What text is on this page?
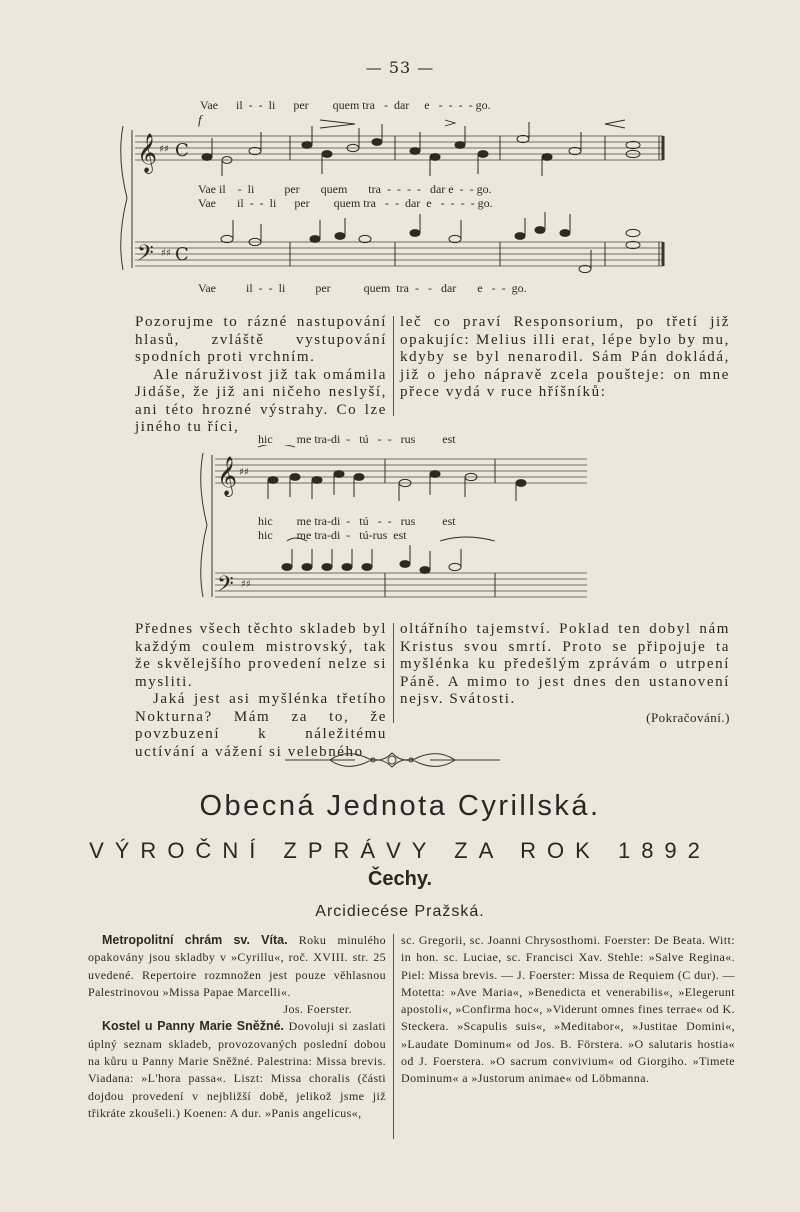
— 53 —
Vae      il  -  -  li      per        quem tra   -  dar     e   -  -  -  - go.
f
Vae il    -  li          per       quem       tra  -  -  -  -   dar e  -  - go.
Vae       il  -  -  li      per        quem tra   -  -  dar  e   -  -  -  - go.
Vae          il  -  -  li          per           quem  tra  -   -   dar       e   -  -  go.
𝄞
𝄢
♯♯
♯♯
C
C

Pozorujme to rázné nastupování hlasů, zvláště vystupování spodních proti vrchním.

Ale náruživost již tak omámila Jidáše, že již ani ničeho neslyší, ani této hrozné výstrahy. Co lze jiného tu říci,

leč co praví Responsorium, po třetí již opakujíc: Melius illi erat, lépe bylo by mu, kdyby se byl nenarodil. Sám Pán dokládá, již o jeho nápravě zcela poušteje: on mne přece vydá v ruce hříšníků:

hic        me tra-di  -   tú   -  -   rus         est
hic        me tra-di  -   tú   -  -   rus         est
hic        me tra-di  -   tú-rus  est
𝄞
𝄢
♯♯
♯♯

Přednes všech těchto skladeb byl každým coulem mistrovský, tak že skvělejšího provedení nelze si mysliti.

Jaká jest asi myšlénka třetího Nokturna? Mám za to, že povzbuzení k náležitému uctívání a vážení si velebného

oltářního tajemství. Poklad ten dobyl nám Kristus svou smrtí. Proto se připojuje ta myšlénka ku předešlým zprávám o utrpení Páně. A mimo to jest dnes den ustanovení nejsv. Svátosti.

(Pokračování.)

Obecná Jednota Cyrillská.
VÝROČNÍ ZPRÁVY ZA ROK 1892
Čechy.
Arcidiecése Pražská.

Metropolitní chrám sv. Víta. Roku minulého opakovány jsou skladby v »Cyrillu«, roč. XVIII. str. 25 uvedené. Repertoire rozmnožen jest pouze věhlasnou Palestrinovou »Missa Papae Marcelli«.

Jos. Foerster.

Kostel u Panny Marie Sněžné. Dovoluji si zaslati úplný seznam skladeb, provozovaných poslední dobou na kůru u Panny Marie Sněžné. Palestrina: Missa brevis. Viadana: »L'hora passa«. Liszt: Missa choralis (části dojdou provedení v nejbližší době, jelikož jsme již třikráte zkoušeli.) Koenen: A dur. »Panis angelicus«,

sc. Gregorii, sc. Joanni Chrysosthomi. Foerster: De Beata. Witt: in hon. sc. Luciae, sc. Francisci Xav. Stehle: »Salve Regina«. Piel: Missa brevis. — J. Foerster: Missa de Requiem (C dur). — Motetta: »Ave Maria«, »Benedicta et venerabilis«, »Elegerunt apostoli«, »Confirma hoc«, »Viderunt omnes fines terrae« od K. Steckera. »Scapulis suis«, »Meditabor«, »Justitae Domini«, »Laudate Dominum« od Jos. B. Förstera. »O salutaris hostia« od J. Foerstera. »O sacrum convivium« od Giorgiho. »Timete Dominum« a »Justorum animae« od Löbmanna.
